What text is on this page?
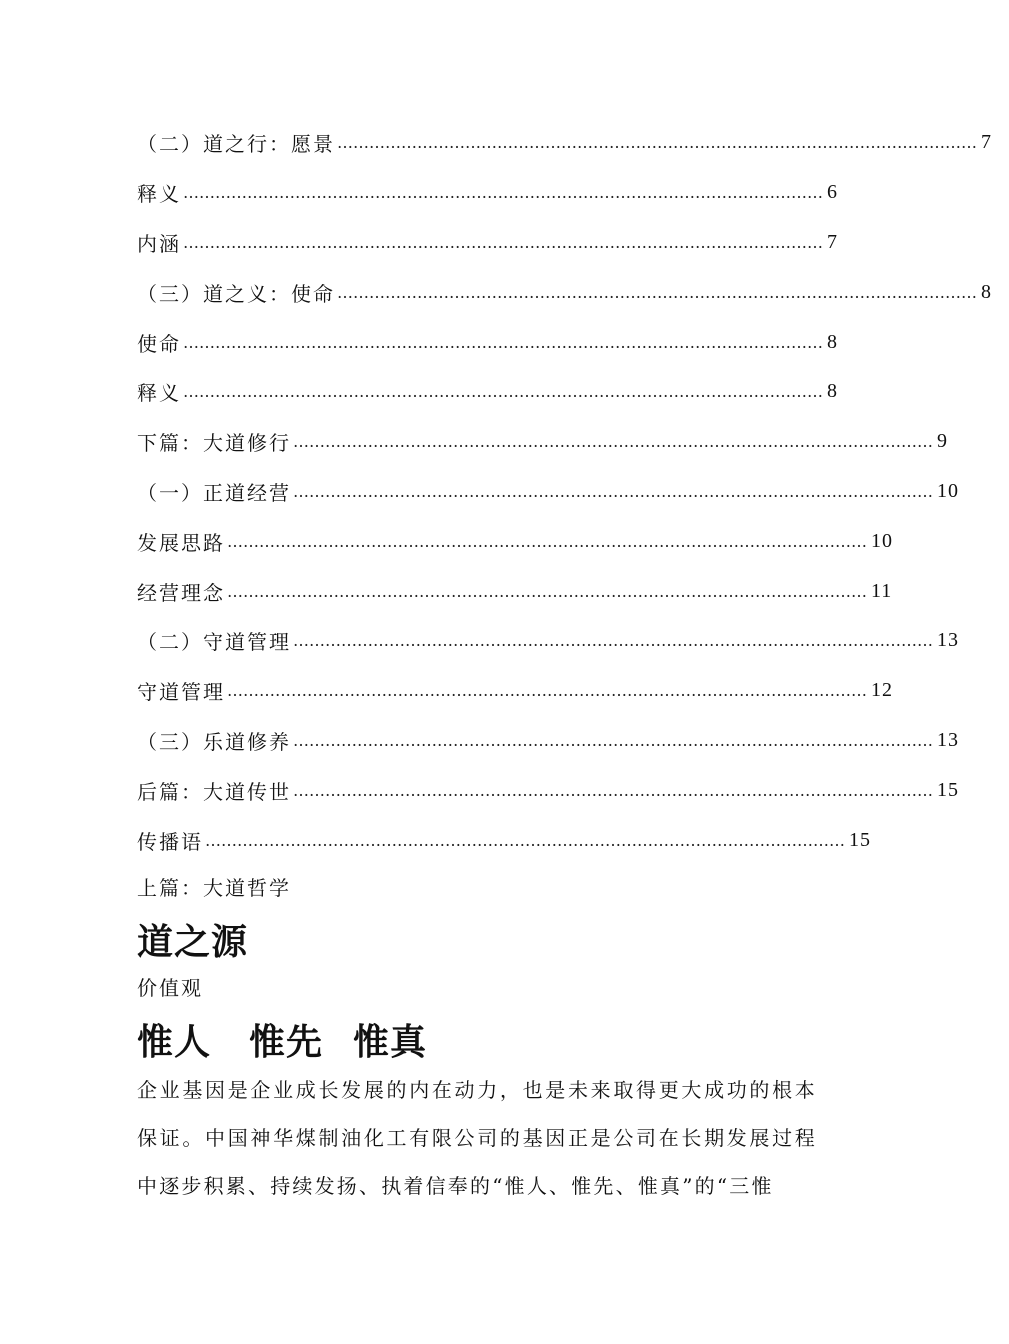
（二）道之行：愿景 ………………………………………………………………………………………………………… 7
释义 ………………………………………………………………………………………………………… 6
内涵 ………………………………………………………………………………………………………… 7
（三）道之义：使命 ………………………………………………………………………………………………………… 8
使命 ………………………………………………………………………………………………………… 8
释义 ………………………………………………………………………………………………………… 8
下篇：大道修行 ………………………………………………………………………………………………………… 9
（一）正道经营 ………………………………………………………………………………………………………… 10
发展思路 ………………………………………………………………………………………………………… 10
经营理念 ………………………………………………………………………………………………………… 11
（二）守道管理 ………………………………………………………………………………………………………… 13
守道管理 ………………………………………………………………………………………………………… 12
（三）乐道修养 ………………………………………………………………………………………………………… 13
后篇：大道传世 ………………………………………………………………………………………………………… 15
传播语 ………………………………………………………………………………………………………… 15
上篇：大道哲学
道之源
价值观
惟人 惟先 惟真
企业基因是企业成长发展的内在动力，也是未来取得更大成功的根本保证。中国神华煤制油化工有限公司的基因正是公司在长期发展过程中逐步积累、持续发扬、执着信奉的“惟人、惟先、惟真”的“三惟
